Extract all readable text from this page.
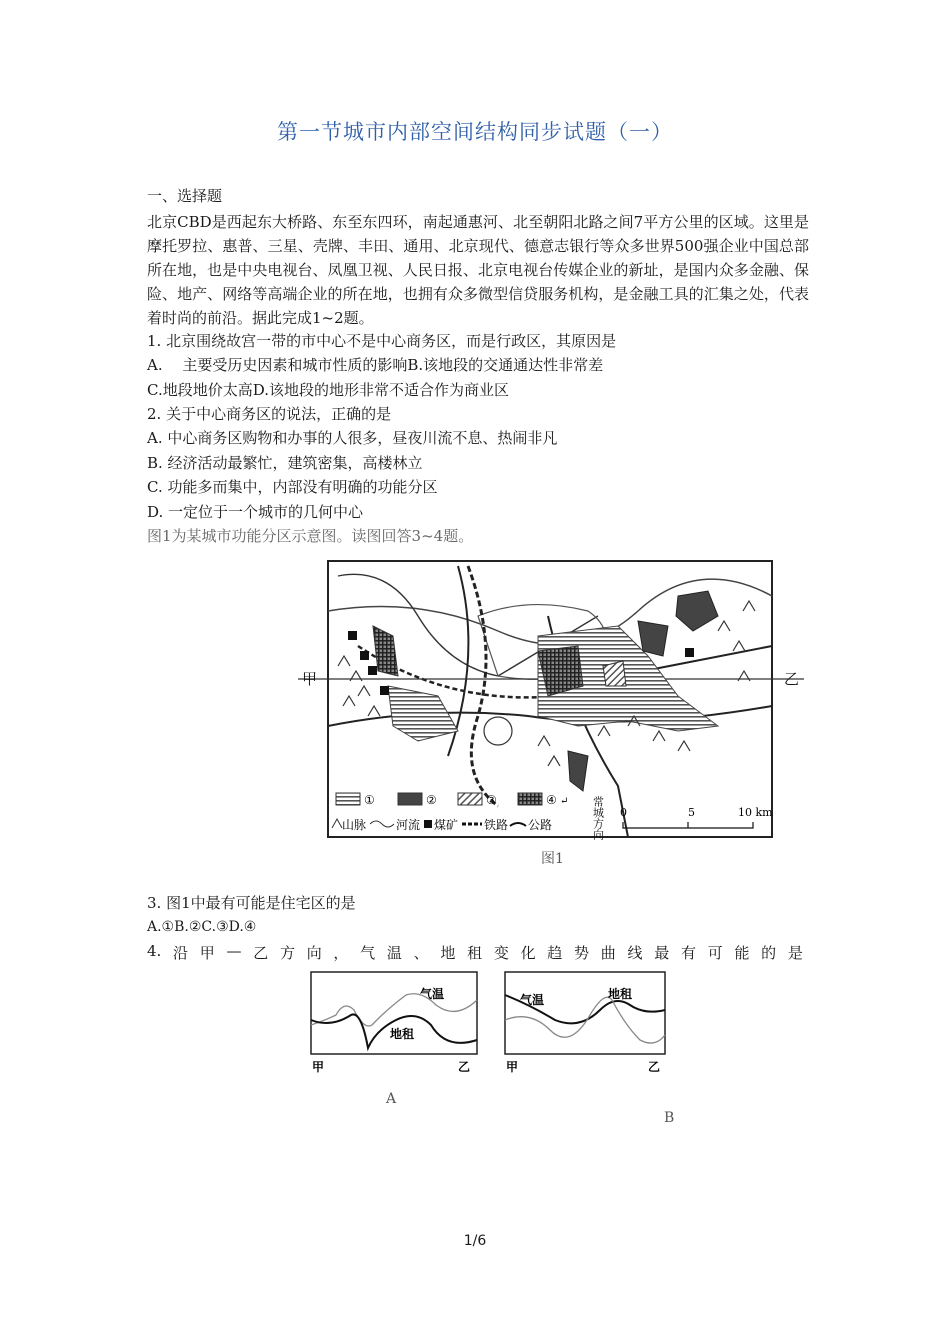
第一节城市内部空间结构同步试题（一）
一、选择题
北京CBD是西起东大桥路、东至东四环，南起通惠河、北至朝阳北路之间7平方公里的区域。这里是摩托罗拉、惠普、三星、壳牌、丰田、通用、北京现代、德意志银行等众多世界500强企业中国总部所在地，也是中央电视台、凤凰卫视、人民日报、北京电视台传媒企业的新址，是国内众多金融、保险、地产、网络等高端企业的所在地，也拥有众多微型信贷服务机构，是金融工具的汇集之处，代表着时尚的前沿。据此完成1~2题。
1. 北京围绕故宫一带的市中心不是中心商务区，而是行政区，其原因是
A.　 主要受历史因素和城市性质的影响B.该地段的交通通达性非常差
C.地段地价太高D.该地段的地形非常不适合作为商业区
2. 关于中心商务区的说法，正确的是
A. 中心商务区购物和办事的人很多，昼夜川流不息、热闹非凡
B. 经济活动最繁忙，建筑密集，高楼林立
C. 功能多而集中，内部没有明确的功能分区
D. 一定位于一个城市的几何中心
图1为某城市功能分区示意图。读图回答3~4题。
甲	乙
常城方向
①	②	③	④ ↵
山脉 河流 煤矿 铁路 公路
0	5	10 km
图1
3. 图1中最有可能是住宅区的是
A.①B.②C.③D.④
4. 沿 甲 — 乙 方 向 ， 气 温 、 地 租 变 化 趋 势 曲 线 最 有 可 能 的 是
气温
地租
甲	乙
A
气温	地租
甲	乙
B
1/6
